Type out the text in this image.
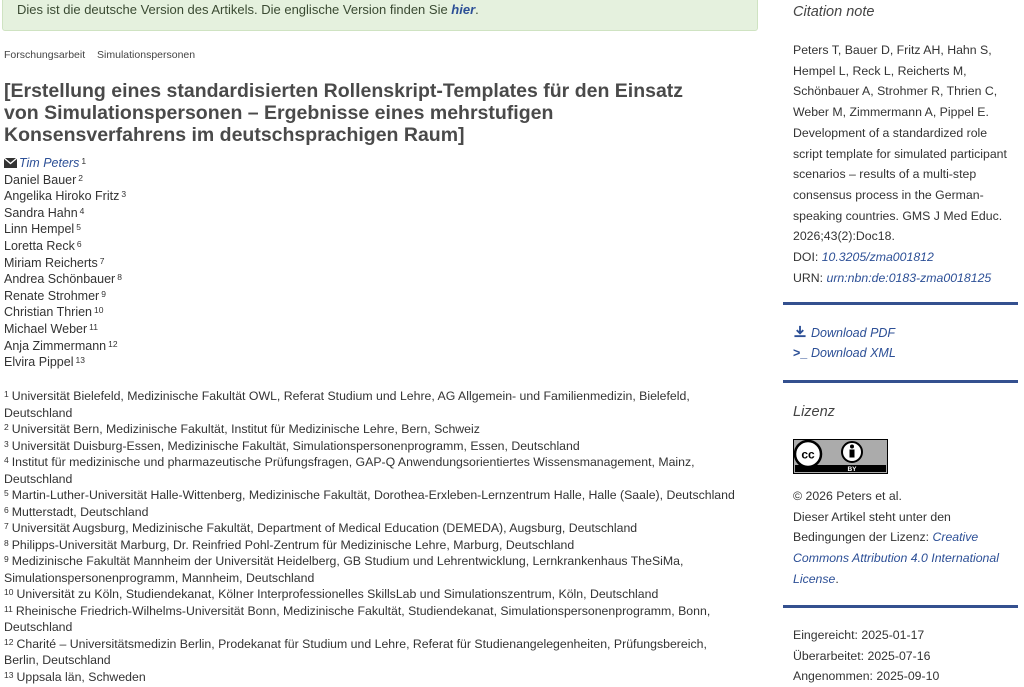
Dies ist die deutsche Version des Artikels. Die englische Version finden Sie hier.
Forschungsarbeit Simulationspersonen
[Erstellung eines standardisierten Rollenskript-Templates für den Einsatz von Simulationspersonen – Ergebnisse eines mehrstufigen Konsensverfahrens im deutschsprachigen Raum]
Tim Peters $^1$
Daniel Bauer $^2$
Angelika Hiroko Fritz $^3$
Sandra Hahn $^4$
Linn Hempel $^5$
Loretta Reck $^6$
Miriam Reicherts $^7$
Andrea Schönbauer $^8$
Renate Strohmer $^9$
Christian Thrien $^{10}$
Michael Weber $^{11}$
Anja Zimmermann $^{12}$
Elvira Pippel $^{13}$
$^1$ Universität Bielefeld, Medizinische Fakultät OWL, Referat Studium und Lehre, AG Allgemein- und Familienmedizin, Bielefeld, Deutschland
$^2$ Universität Bern, Medizinische Fakultät, Institut für Medizinische Lehre, Bern, Schweiz
$^3$ Universität Duisburg-Essen, Medizinische Fakultät, Simulationspersonenprogramm, Essen, Deutschland
$^4$ Institut für medizinische und pharmazeutische Prüfungsfragen, GAP-Q Anwendungsorientiertes Wissensmanagement, Mainz, Deutschland
$^5$ Martin-Luther-Universität Halle-Wittenberg, Medizinische Fakultät, Dorothea-Erxleben-Lernzentrum Halle, Halle (Saale), Deutschland
$^6$ Mutterstadt, Deutschland
$^7$ Universität Augsburg, Medizinische Fakultät, Department of Medical Education (DEMEDA), Augsburg, Deutschland
$^8$ Philipps-Universität Marburg, Dr. Reinfried Pohl-Zentrum für Medizinische Lehre, Marburg, Deutschland
$^9$ Medizinische Fakultät Mannheim der Universität Heidelberg, GB Studium und Lehrentwicklung, Lernkrankenhaus TheSiMa, Simulationspersonenprogramm, Mannheim, Deutschland
$^{10}$ Universität zu Köln, Studiendekanat, Kölner Interprofessionelles SkillsLab und Simulationszentrum, Köln, Deutschland
$^{11}$ Rheinische Friedrich-Wilhelms-Universität Bonn, Medizinische Fakultät, Studiendekanat, Simulationspersonenprogramm, Bonn, Deutschland
$^{12}$ Charité – Universitätsmedizin Berlin, Prodekanat für Studium und Lehre, Referat für Studienangelegenheiten, Prüfungsbereich, Berlin, Deutschland
$^{13}$ Uppsala län, Schweden
Citation note
Peters T, Bauer D, Fritz AH, Hahn S, Hempel L, Reck L, Reicherts M, Schönbauer A, Strohmer R, Thrien C, Weber M, Zimmermann A, Pippel E. Development of a standardized role script template for simulated participant scenarios – results of a multi-step consensus process in the German-speaking countries. GMS J Med Educ. 2026;43(2):Doc18.
DOI: 10.3205/zma001812
URN: urn:nbn:de:0183-zma0018125
Download PDF
>_ Download XML
Lizenz
cc
BY
© 2026 Peters et al.
Dieser Artikel steht unter den Bedingungen der Lizenz: Creative Commons Attribution 4.0 International License.
Eingereicht: 2025-01-17
Überarbeitet: 2025-07-16
Angenommen: 2025-09-10
